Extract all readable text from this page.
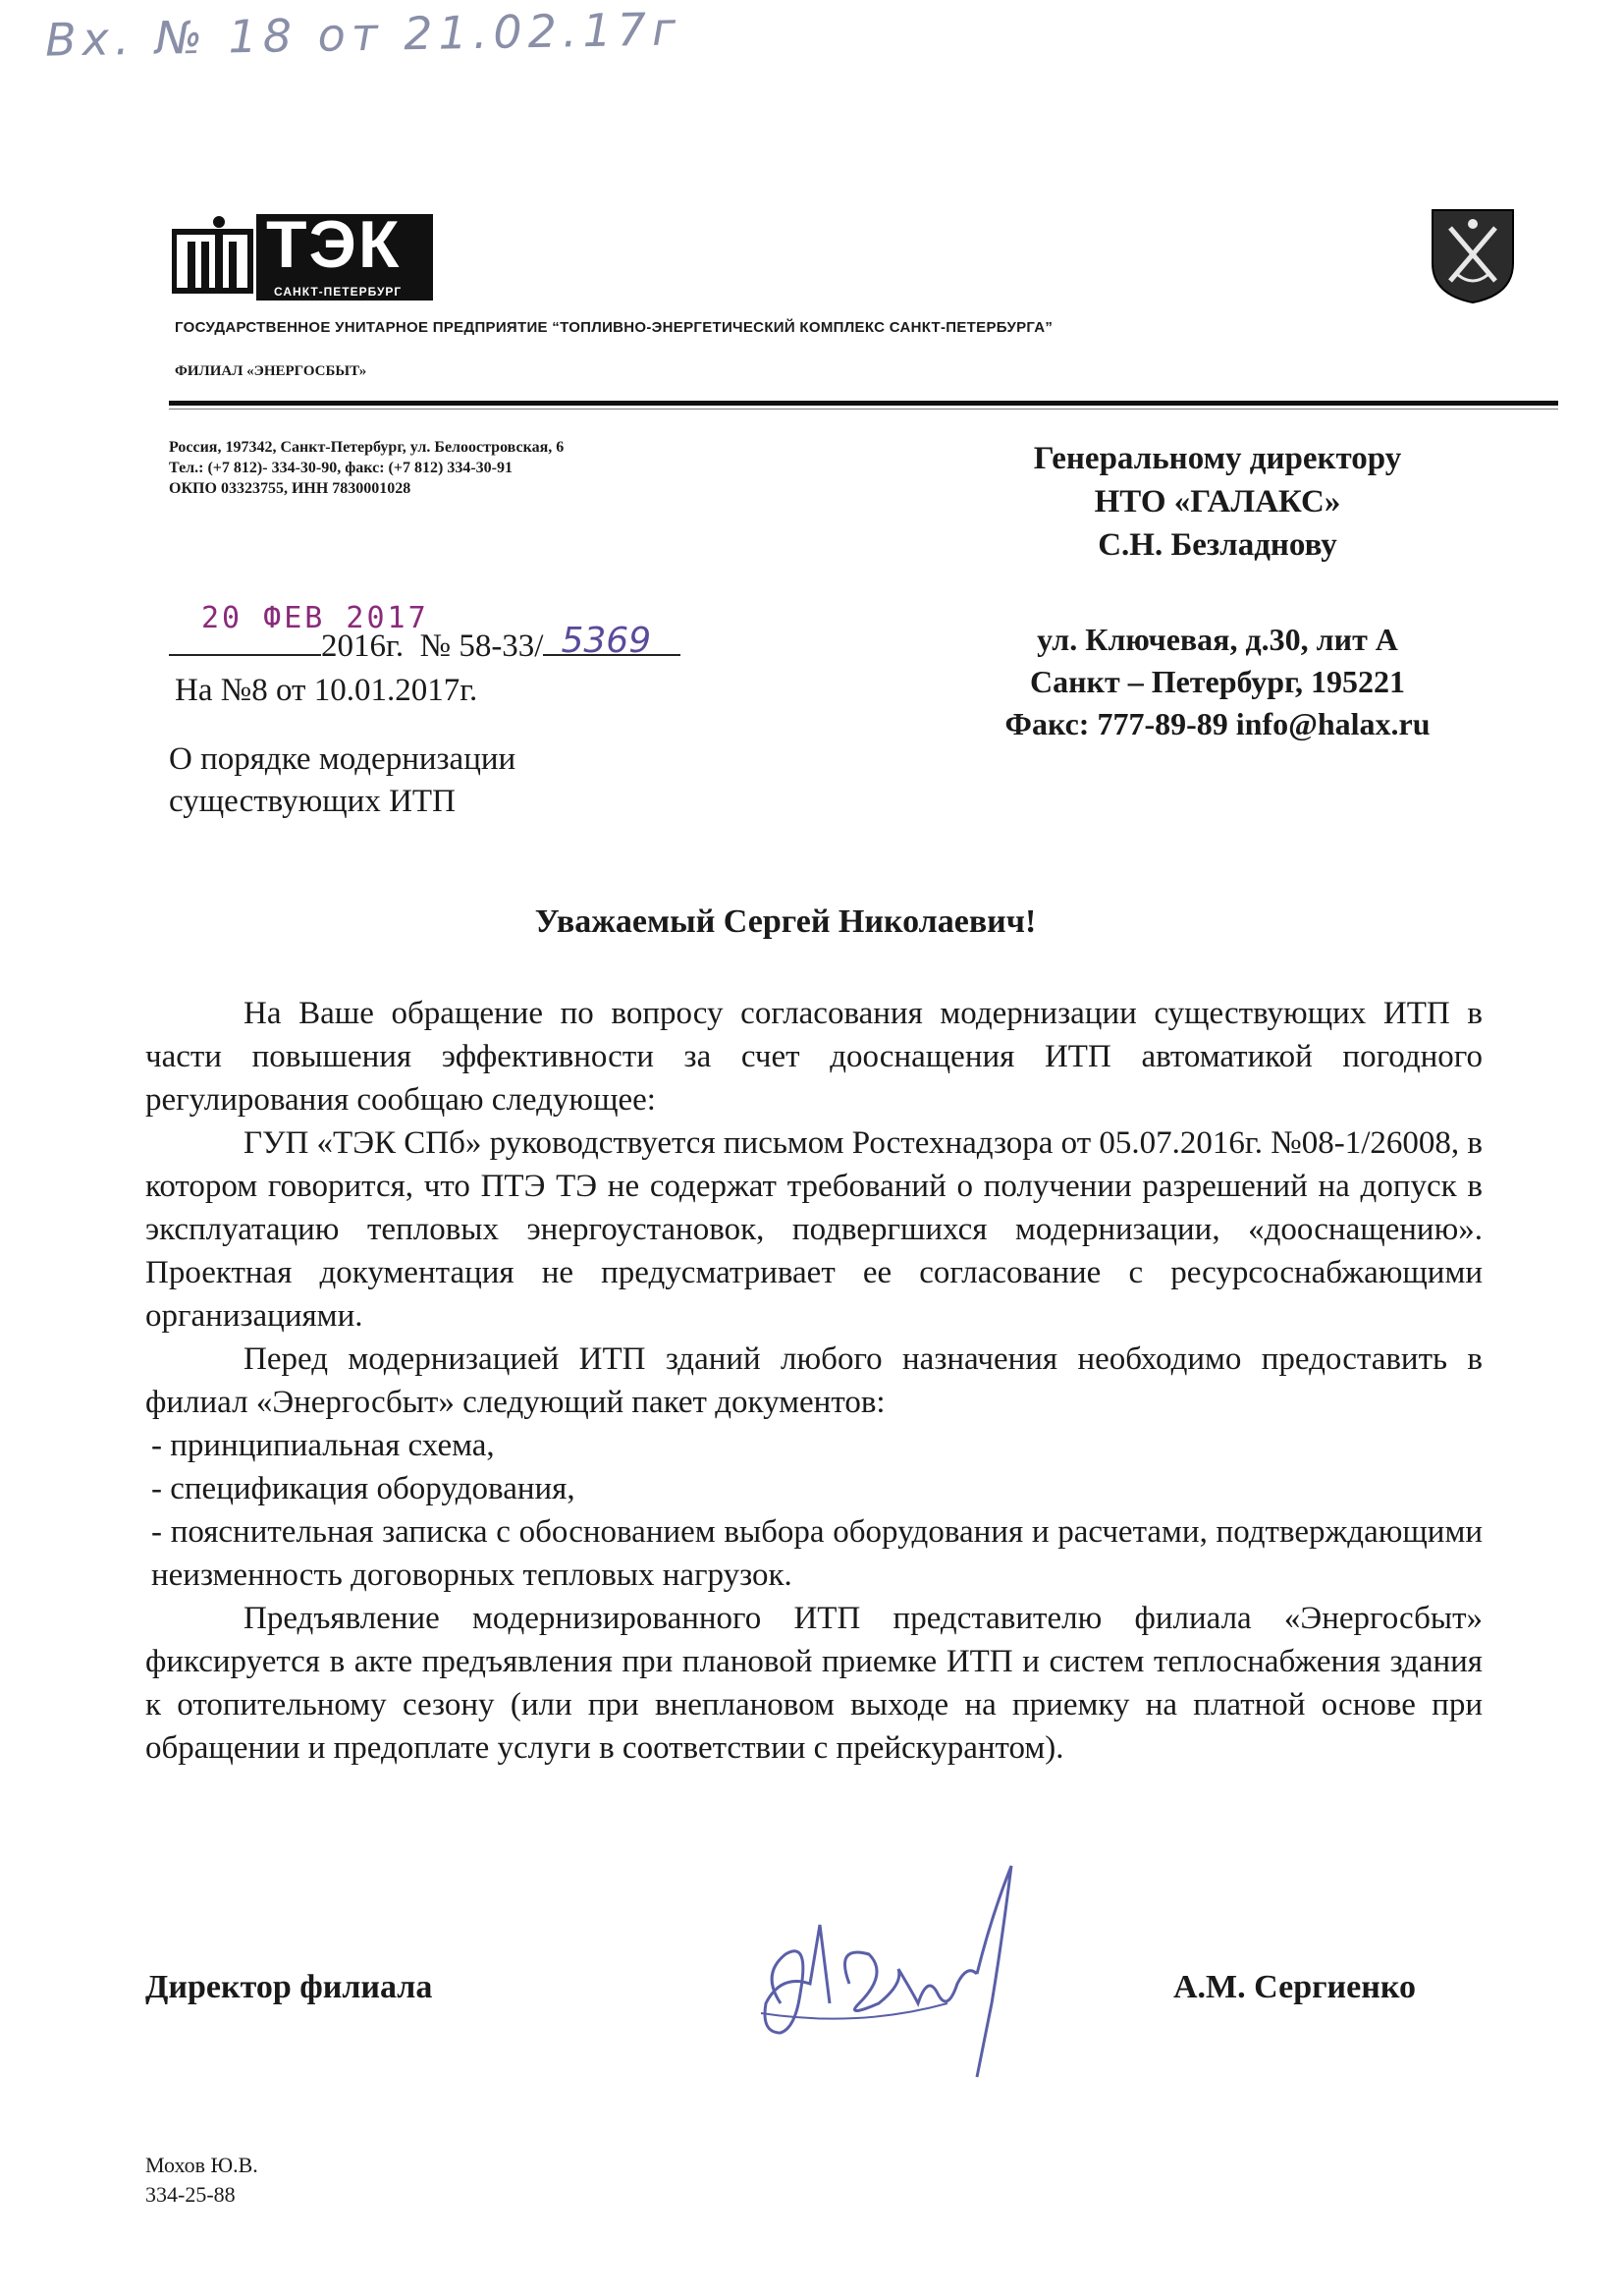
Вх. № 18 от 21.02.17г
ТЭК
САНКТ-ПЕТЕРБУРГ
ГОСУДАРСТВЕННОЕ УНИТАРНОЕ ПРЕДПРИЯТИЕ “ТОПЛИВНО-ЭНЕРГЕТИЧЕСКИЙ КОМПЛЕКС САНКТ-ПЕТЕРБУРГА”
ФИЛИАЛ «ЭНЕРГОСБЫТ»
Россия, 197342, Санкт-Петербург, ул. Белоостровская, 6
Тел.: (+7 812)- 334-30-90, факс: (+7 812) 334-30-91
ОКПО 03323755, ИНН 7830001028
Генеральному директору
НТО «ГАЛАКС»
С.Н. Безладнову
ул. Ключевая, д.30, лит А
Санкт – Петербург, 195221
Факс: 777-89-89 info@halax.ru
20 ФЕВ 2017
2016г. № 58-33/ 5369
На №8 от 10.01.2017г.
О порядке модернизации
существующих ИТП
Уважаемый Сергей Николаевич!
На Ваше обращение по вопросу согласования модернизации существующих ИТП в части повышения эффективности за счет дооснащения ИТП автоматикой погодного регулирования сообщаю следующее:
ГУП «ТЭК СПб» руководствуется письмом Ростехнадзора от 05.07.2016г. №08-1/26008, в котором говорится, что ПТЭ ТЭ не содержат требований о получении разрешений на допуск в эксплуатацию тепловых энергоустановок, подвергшихся модернизации, «дооснащению». Проектная документация не предусматривает ее согласование с ресурсоснабжающими организациями.
Перед модернизацией ИТП зданий любого назначения необходимо предоставить в филиал «Энергосбыт» следующий пакет документов:
- принципиальная схема,
- спецификация оборудования,
- пояснительная записка с обоснованием выбора оборудования и расчетами, подтверждающими неизменность договорных тепловых нагрузок.
Предъявление модернизированного ИТП представителю филиала «Энергосбыт» фиксируется в акте предъявления при плановой приемке ИТП и систем теплоснабжения здания к отопительному сезону (или при внеплановом выходе на приемку на платной основе при обращении и предоплате услуги в соответствии с прейскурантом).
Директор филиала	А.М. Сергиенко
Мохов Ю.В.
334-25-88
